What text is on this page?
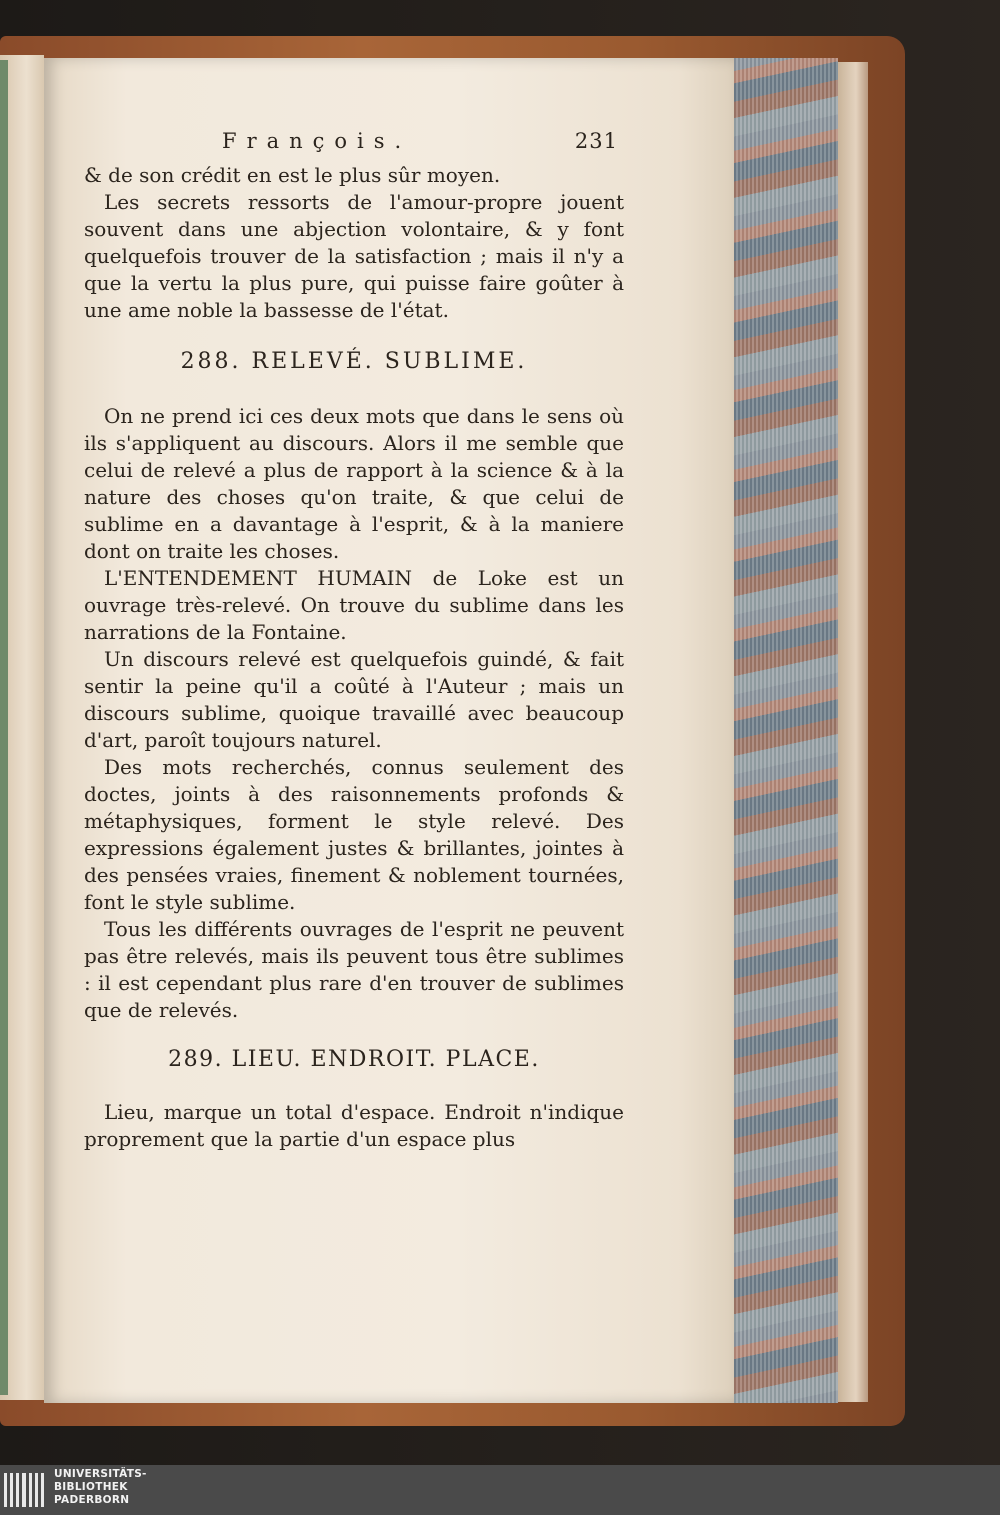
François.	231

& de son crédit en est le plus sûr moyen.

Les secrets ressorts de l'amour-propre jouent souvent dans une abjection volontaire, & y font quelquefois trouver de la satisfaction ; mais il n'y a que la vertu la plus pure, qui puisse faire goûter à une ame noble la bassesse de l'état.

288. RELEVÉ. SUBLIME.

On ne prend ici ces deux mots que dans le sens où ils s'appliquent au discours. Alors il me semble que celui de relevé a plus de rapport à la science & à la nature des choses qu'on traite, & que celui de sublime en a davantage à l'esprit, & à la maniere dont on traite les choses.

L'ENTENDEMENT HUMAIN de Loke est un ouvrage très-relevé. On trouve du sublime dans les narrations de la Fontaine.

Un discours relevé est quelquefois guindé, & fait sentir la peine qu'il a coûté à l'Auteur ; mais un discours sublime, quoique travaillé avec beaucoup d'art, paroît toujours naturel.

Des mots recherchés, connus seulement des doctes, joints à des raisonnements profonds & métaphysiques, forment le style relevé. Des expressions également justes & brillantes, jointes à des pensées vraies, finement & noblement tournées, font le style sublime.

Tous les différents ouvrages de l'esprit ne peuvent pas être relevés, mais ils peuvent tous être sublimes : il est cependant plus rare d'en trouver de sublimes que de relevés.

289. LIEU. ENDROIT. PLACE.

Lieu, marque un total d'espace. Endroit n'indique proprement que la partie d'un espace plus

UNIVERSITÄTS-
BIBLIOTHEK
PADERBORN
